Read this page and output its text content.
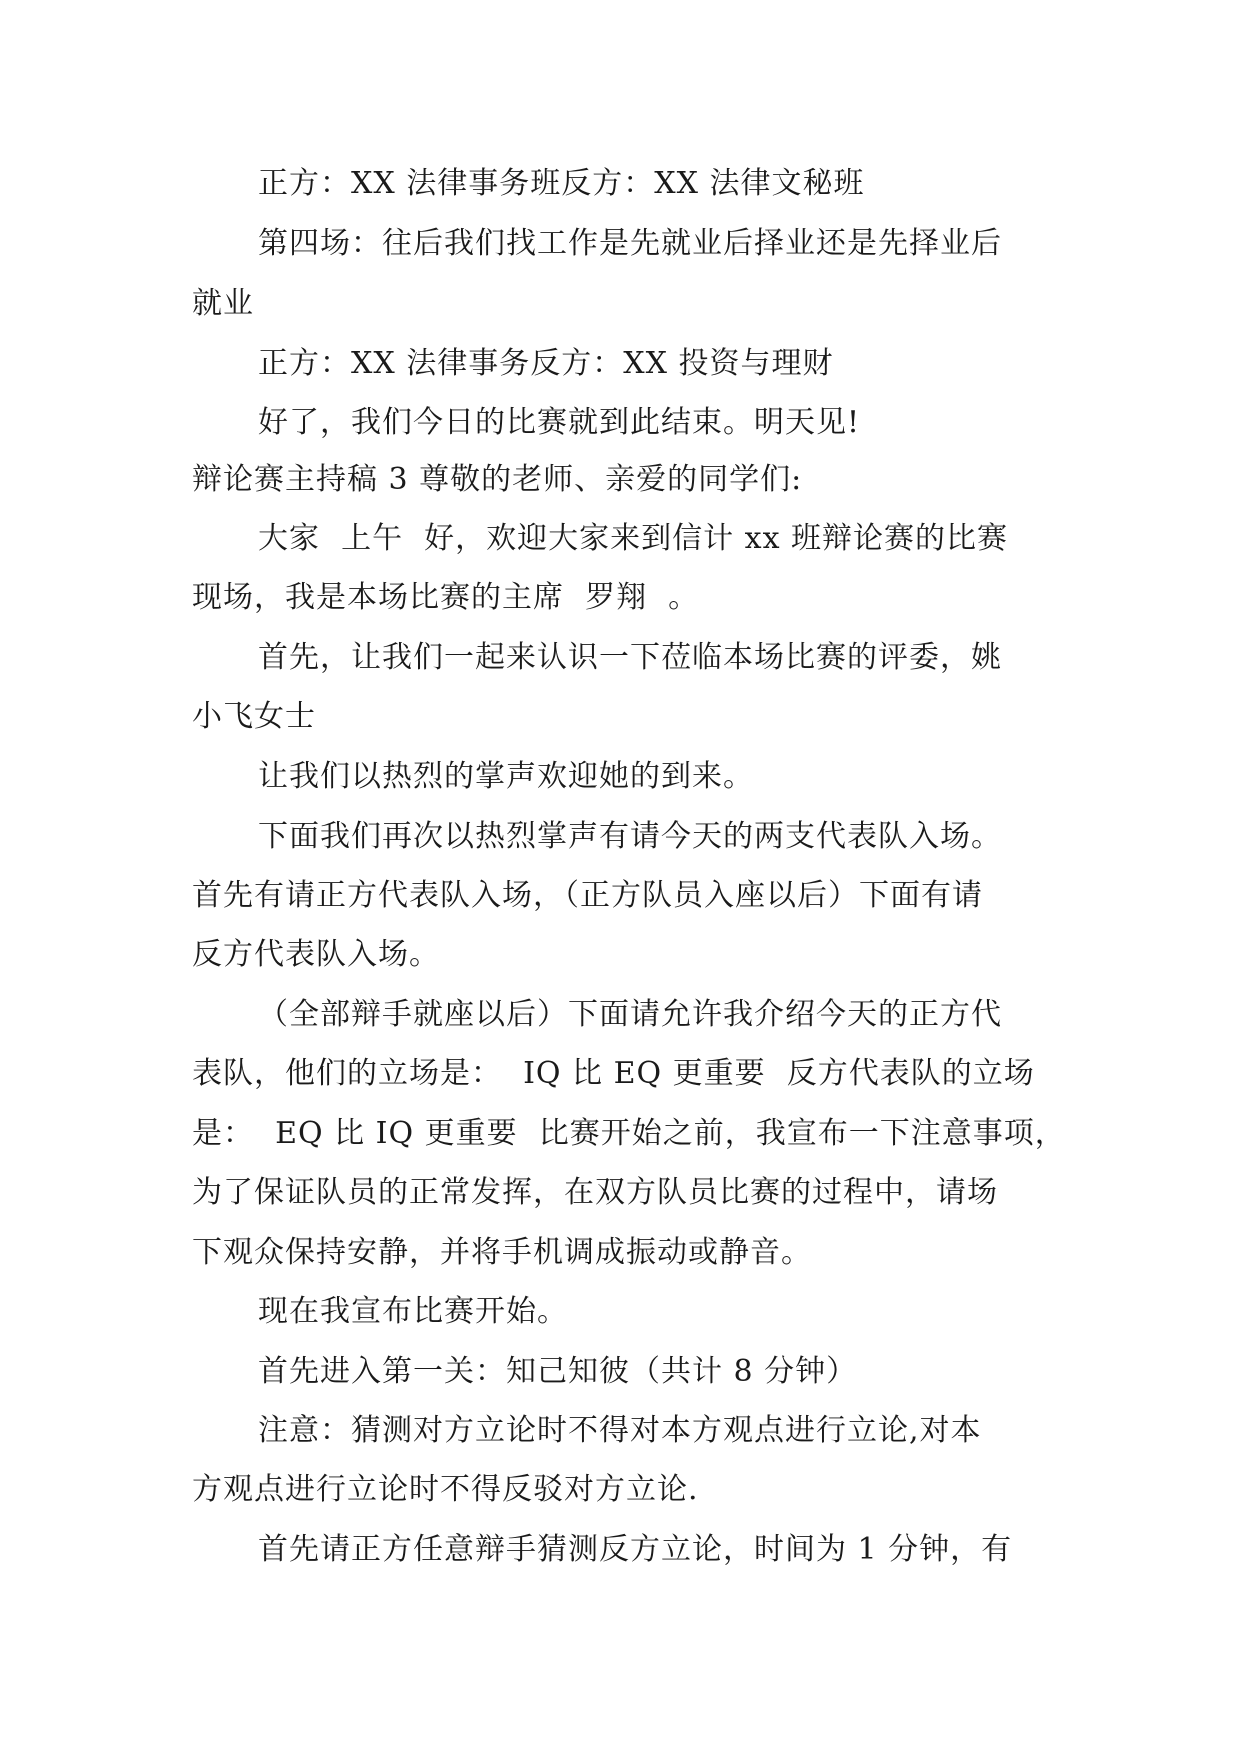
正方：XX 法律事务班反方：XX 法律文秘班
第四场：往后我们找工作是先就业后择业还是先择业后
就业
正方：XX 法律事务反方：XX 投资与理财
好了，我们今日的比赛就到此结束。明天见!
辩论赛主持稿 3 尊敬的老师、亲爱的同学们:
大家  上午  好，欢迎大家来到信计 xx 班辩论赛的比赛
现场，我是本场比赛的主席  罗翔  。
首先，让我们一起来认识一下莅临本场比赛的评委，姚
小飞女士
让我们以热烈的掌声欢迎她的到来。
下面我们再次以热烈掌声有请今天的两支代表队入场。
首先有请正方代表队入场，（正方队员入座以后）下面有请
反方代表队入场。
（全部辩手就座以后）下面请允许我介绍今天的正方代
表队，他们的立场是：  IQ 比 EQ 更重要  反方代表队的立场
是：  EQ 比 IQ 更重要  比赛开始之前，我宣布一下注意事项，
为了保证队员的正常发挥，在双方队员比赛的过程中，请场
下观众保持安静，并将手机调成振动或静音。
现在我宣布比赛开始。
首先进入第一关：知己知彼（共计 8 分钟）
注意：猜测对方立论时不得对本方观点进行立论,对本
方观点进行立论时不得反驳对方立论.
首先请正方任意辩手猜测反方立论，时间为 1 分钟，有
